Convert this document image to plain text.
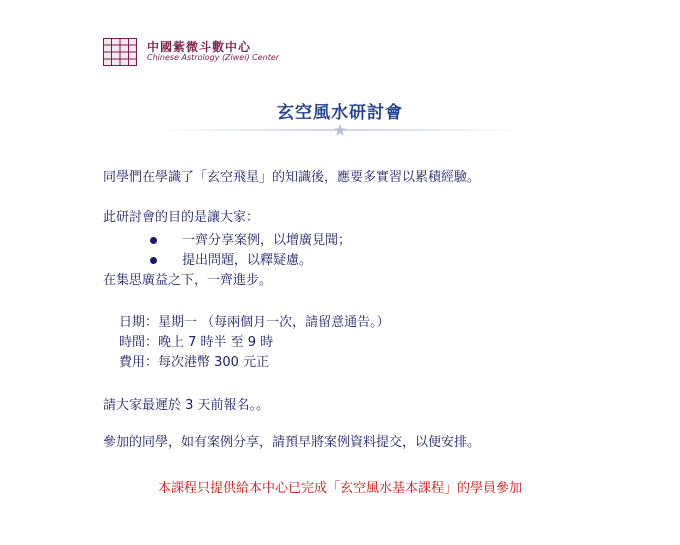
中國紫微斗數中心
Chinese Astrology (Ziwei) Center
玄空風水研討會
同學們在學識了「玄空飛星」的知識後，應要多實習以累積經驗。
此研討會的目的是讓大家：
一齊分享案例，以增廣見聞；
提出問題，以釋疑慮。
在集思廣益之下，一齊進步。
日期：星期一 （每兩個月一次，請留意通告。）
時間：晚上 7 時半 至 9 時
費用：每次港幣 300 元正
請大家最遲於 3 天前報名。。
參加的同學，如有案例分享，請預早將案例資料提交，以便安排。
本課程只提供給本中心已完成「玄空風水基本課程」的學員參加
